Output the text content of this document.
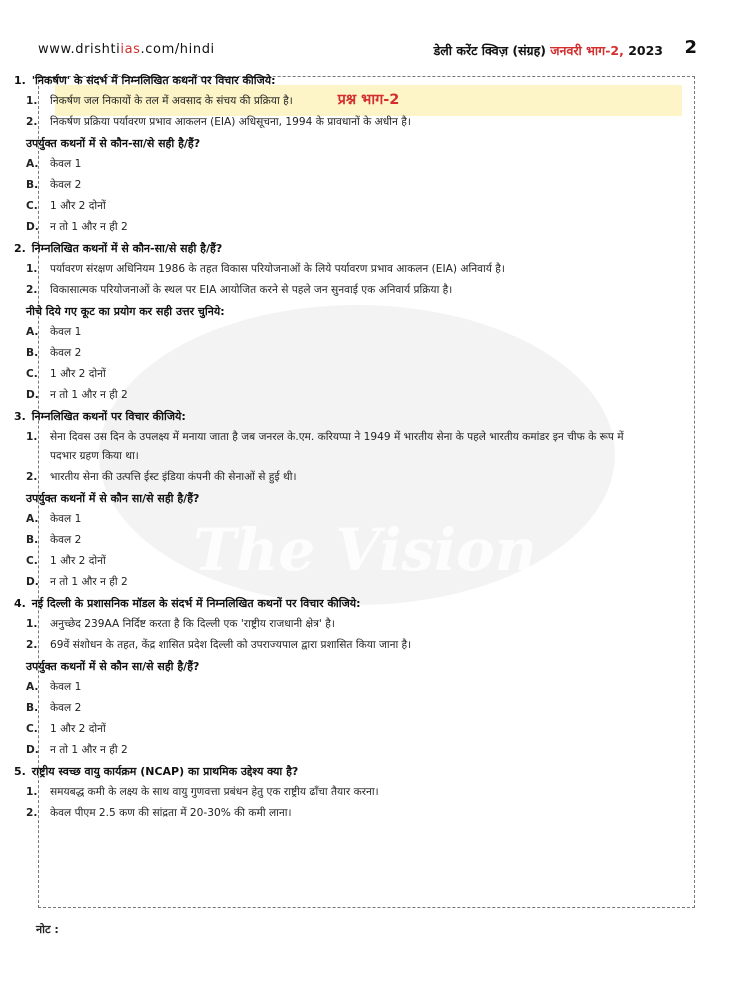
www.drishtiias.com/hindi	डेली करेंट क्विज़ (संग्रह) जनवरी भाग-2, 2023 2
प्रश्न भाग-2
The Vision
1. 'निकर्षण' के संदर्भ में निम्नलिखित कथनों पर विचार कीजिये:
1. निकर्षण जल निकायों के तल में अवसाद के संचय की प्रक्रिया है।
2. निकर्षण प्रक्रिया पर्यावरण प्रभाव आकलन (EIA) अधिसूचना, 1994 के प्रावधानों के अधीन है।
उपर्युक्त कथनों में से कौन-सा/से सही है/हैं?
A. केवल 1
B. केवल 2
C. 1 और 2 दोनों
D. न तो 1 और न ही 2
2. निम्नलिखित कथनों में से कौन-सा/से सही है/हैं?
1. पर्यावरण संरक्षण अधिनियम 1986 के तहत विकास परियोजनाओं के लिये पर्यावरण प्रभाव आकलन (EIA) अनिवार्य है।
2. विकासात्मक परियोजनाओं के स्थल पर EIA आयोजित करने से पहले जन सुनवाई एक अनिवार्य प्रक्रिया है।
नीचे दिये गए कूट का प्रयोग कर सही उत्तर चुनिये:
A. केवल 1
B. केवल 2
C. 1 और 2 दोनों
D. न तो 1 और न ही 2
3. निम्नलिखित कथनों पर विचार कीजिये:
1. सेना दिवस उस दिन के उपलक्ष्य में मनाया जाता है जब जनरल के.एम. करियप्पा ने 1949 में भारतीय सेना के पहले भारतीय कमांडर इन चीफ के रूप में पदभार ग्रहण किया था।
2. भारतीय सेना की उत्पत्ति ईस्ट इंडिया कंपनी की सेनाओं से हुई थी।
उपर्युक्त कथनों में से कौन सा/से सही है/हैं?
A. केवल 1
B. केवल 2
C. 1 और 2 दोनों
D. न तो 1 और न ही 2
4. नई दिल्ली के प्रशासनिक मॉडल के संदर्भ में निम्नलिखित कथनों पर विचार कीजिये:
1. अनुच्छेद 239AA निर्दिष्ट करता है कि दिल्ली एक 'राष्ट्रीय राजधानी क्षेत्र' है।
2. 69वें संशोधन के तहत, केंद्र शासित प्रदेश दिल्ली को उपराज्यपाल द्वारा प्रशासित किया जाना है।
उपर्युक्त कथनों में से कौन सा/से सही है/हैं?
A. केवल 1
B. केवल 2
C. 1 और 2 दोनों
D. न तो 1 और न ही 2
5. राष्ट्रीय स्वच्छ वायु कार्यक्रम (NCAP) का प्राथमिक उद्देश्य क्या है?
1. समयबद्ध कमी के लक्ष्य के साथ वायु गुणवत्ता प्रबंधन हेतु एक राष्ट्रीय ढाँचा तैयार करना।
2. केवल पीएम 2.5 कण की सांद्रता में 20-30% की कमी लाना।
नोट :
